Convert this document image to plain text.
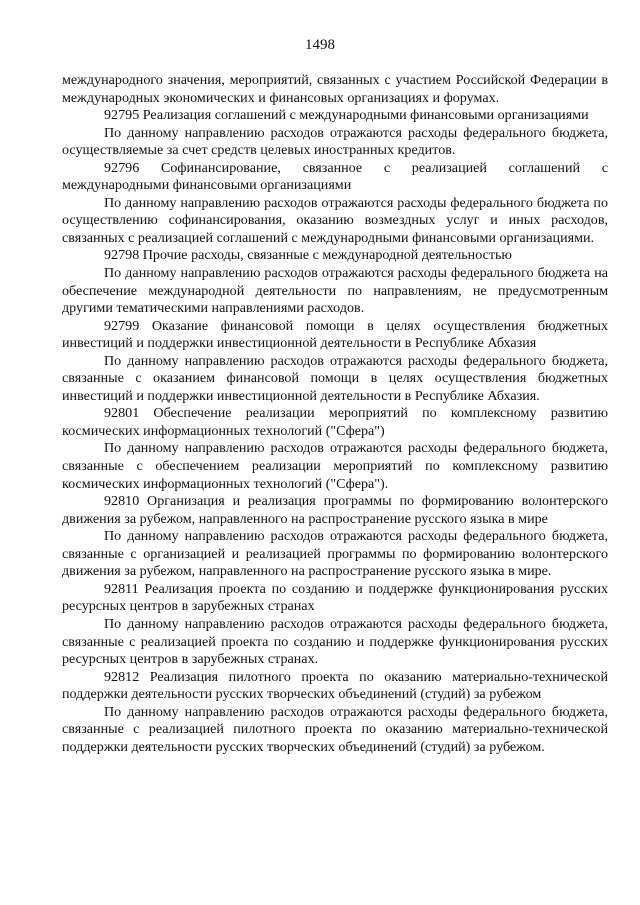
1498

международного значения, мероприятий, связанных с участием Российской Федерации в международных экономических и финансовых организациях и форумах.

92795 Реализация соглашений с международными финансовыми организациями

По данному направлению расходов отражаются расходы федерального бюджета, осуществляемые за счет средств целевых иностранных кредитов.

92796 Софинансирование, связанное с реализацией соглашений с международными финансовыми организациями

По данному направлению расходов отражаются расходы федерального бюджета по осуществлению софинансирования, оказанию возмездных услуг и иных расходов, связанных с реализацией соглашений с международными финансовыми организациями.

92798 Прочие расходы, связанные с международной деятельностью

По данному направлению расходов отражаются расходы федерального бюджета на обеспечение международной деятельности по направлениям, не предусмотренным другими тематическими направлениями расходов.

92799 Оказание финансовой помощи в целях осуществления бюджетных инвестиций и поддержки инвестиционной деятельности в Республике Абхазия

По данному направлению расходов отражаются расходы федерального бюджета, связанные с оказанием финансовой помощи в целях осуществления бюджетных инвестиций и поддержки инвестиционной деятельности в Республике Абхазия.

92801 Обеспечение реализации мероприятий по комплексному развитию космических информационных технологий ("Сфера")

По данному направлению расходов отражаются расходы федерального бюджета, связанные с обеспечением реализации мероприятий по комплексному развитию космических информационных технологий ("Сфера").

92810 Организация и реализация программы по формированию волонтерского движения за рубежом, направленного на распространение русского языка в мире

По данному направлению расходов отражаются расходы федерального бюджета, связанные с организацией и реализацией программы по формированию волонтерского движения за рубежом, направленного на распространение русского языка в мире.

92811 Реализация проекта по созданию и поддержке функционирования русских ресурсных центров в зарубежных странах

По данному направлению расходов отражаются расходы федерального бюджета, связанные с реализацией проекта по созданию и поддержке функционирования русских ресурсных центров в зарубежных странах.

92812 Реализация пилотного проекта по оказанию материально-технической поддержки деятельности русских творческих объединений (студий) за рубежом

По данному направлению расходов отражаются расходы федерального бюджета, связанные с реализацией пилотного проекта по оказанию материально-технической поддержки деятельности русских творческих объединений (студий) за рубежом.
